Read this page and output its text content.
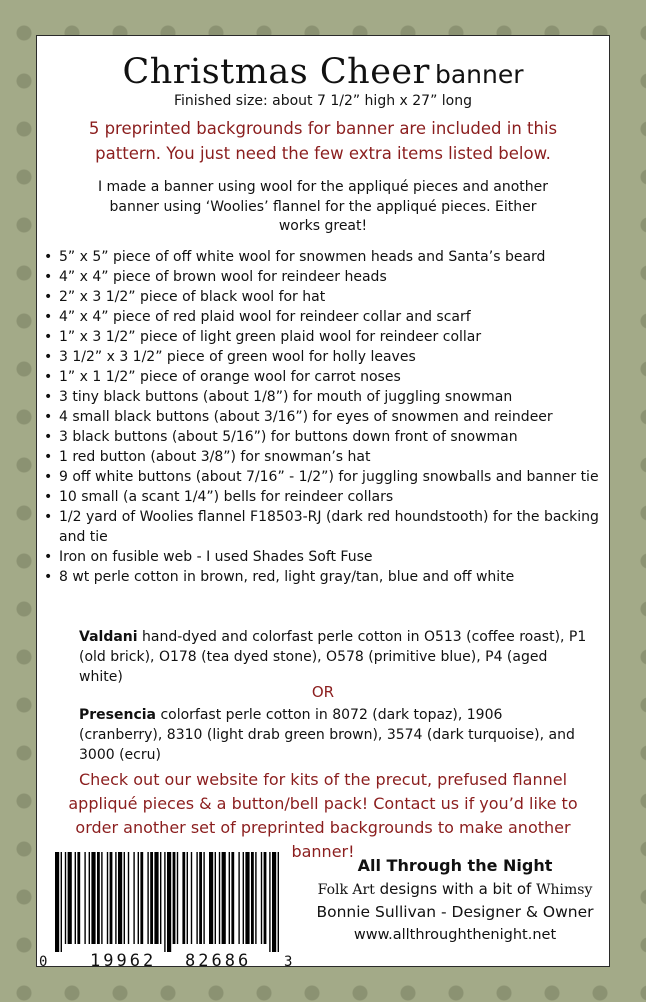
Christmas Cheer banner
Finished size: about 7 1/2” high x 27” long
5 preprinted backgrounds for banner are included in this pattern. You just need the few extra items listed below.
I made a banner using wool for the appliqué pieces and another banner using ‘Woolies’ flannel for the appliqué pieces. Either works great!
• 5” x 5” piece of off white wool for snowmen heads and Santa’s beard
• 4” x 4” piece of brown wool for reindeer heads
• 2” x 3 1/2” piece of black wool for hat
• 4” x 4” piece of red plaid wool for reindeer collar and scarf
• 1” x 3 1/2” piece of light green plaid wool for reindeer collar
• 3 1/2” x 3 1/2” piece of green wool for holly leaves
• 1” x 1 1/2” piece of orange wool for carrot noses
• 3 tiny black buttons (about 1/8”) for mouth of juggling snowman
• 4 small black buttons (about 3/16”) for eyes of snowmen and reindeer
• 3 black buttons (about 5/16”) for buttons down front of snowman
• 1 red button (about 3/8”) for snowman’s hat
• 9 off white buttons (about 7/16” - 1/2”) for juggling snowballs and banner tie
• 10 small (a scant 1/4”) bells for reindeer collars
• 1/2 yard of Woolies flannel F18503-RJ (dark red houndstooth) for the backing and tie
• Iron on fusible web - I used Shades Soft Fuse
• 8 wt perle cotton in brown, red, light gray/tan, blue and off white
Valdani hand-dyed and colorfast perle cotton in O513 (coffee roast), P1 (old brick), O178 (tea dyed stone), O578 (primitive blue), P4 (aged white)
OR
Presencia colorfast perle cotton in 8072 (dark topaz), 1906 (cranberry), 8310 (light drab green brown), 3574 (dark turquoise), and 3000 (ecru)
Check out our website for kits of the precut, prefused flannel appliqué pieces & a button/bell pack! Contact us if you’d like to order another set of preprinted backgrounds to make another banner!
0	19962 82686 3
All Through the Night
Folk Art designs with a bit of Whimsy
Bonnie Sullivan - Designer & Owner
www.allthroughthenight.net
